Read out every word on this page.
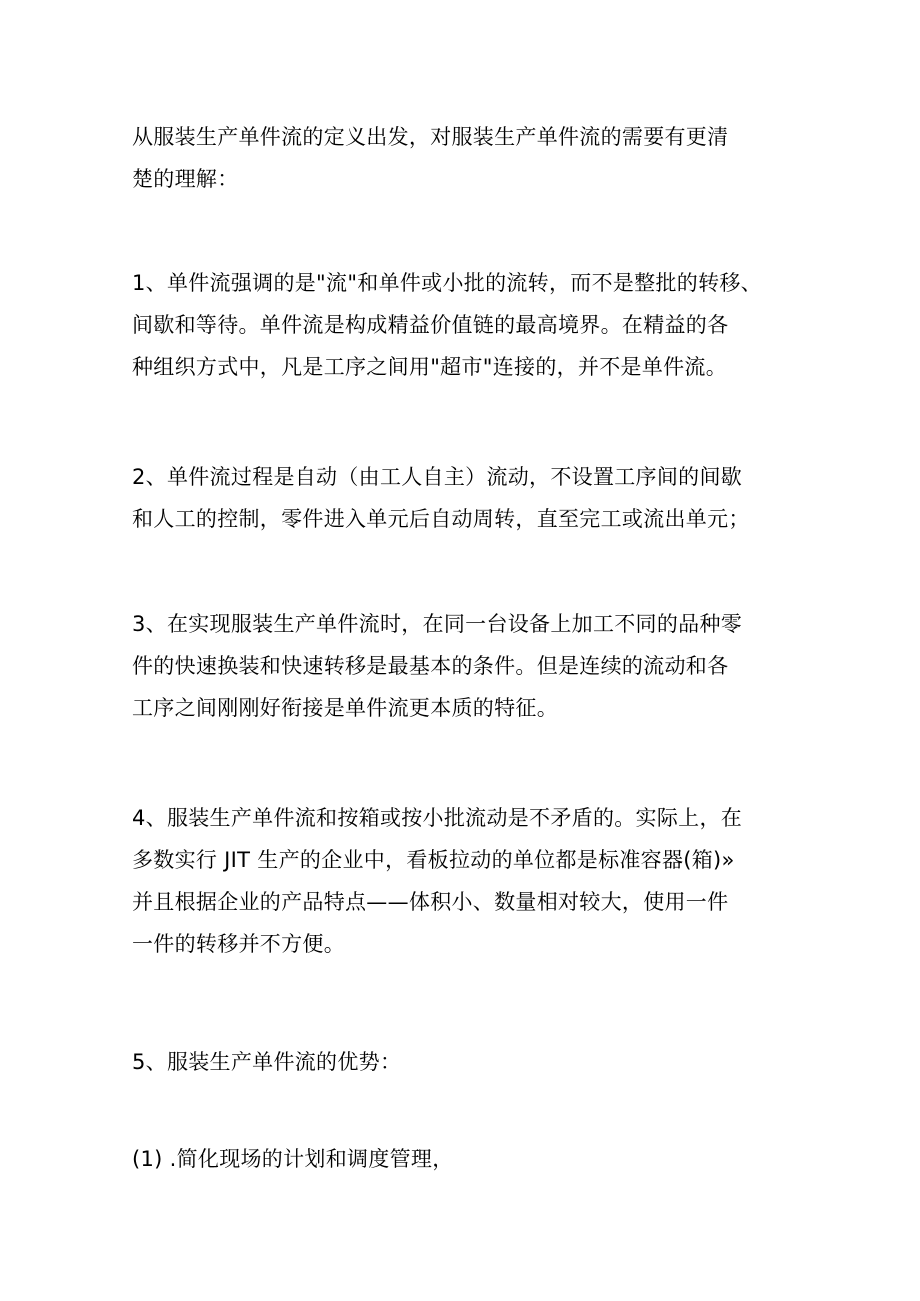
从服装生产单件流的定义出发，对服装生产单件流的需要有更清
楚的理解：

1、单件流强调的是"流"和单件或小批的流转，而不是整批的转移、
间歇和等待。单件流是构成精益价值链的最高境界。在精益的各
种组织方式中，凡是工序之间用"超市"连接的，并不是单件流。

2、单件流过程是自动（由工人自主）流动，不设置工序间的间歇
和人工的控制，零件进入单元后自动周转，直至完工或流出单元；

3、在实现服装生产单件流时，在同一台设备上加工不同的品种零
件的快速换装和快速转移是最基本的条件。但是连续的流动和各
工序之间刚刚好衔接是单件流更本质的特征。

4、服装生产单件流和按箱或按小批流动是不矛盾的。实际上，在
多数实行 JIT 生产的企业中，看板拉动的单位都是标准容器(箱)»
并且根据企业的产品特点——体积小、数量相对较大，使用一件
一件的转移并不方便。

5、服装生产单件流的优势：

(1) .简化现场的计划和调度管理，
